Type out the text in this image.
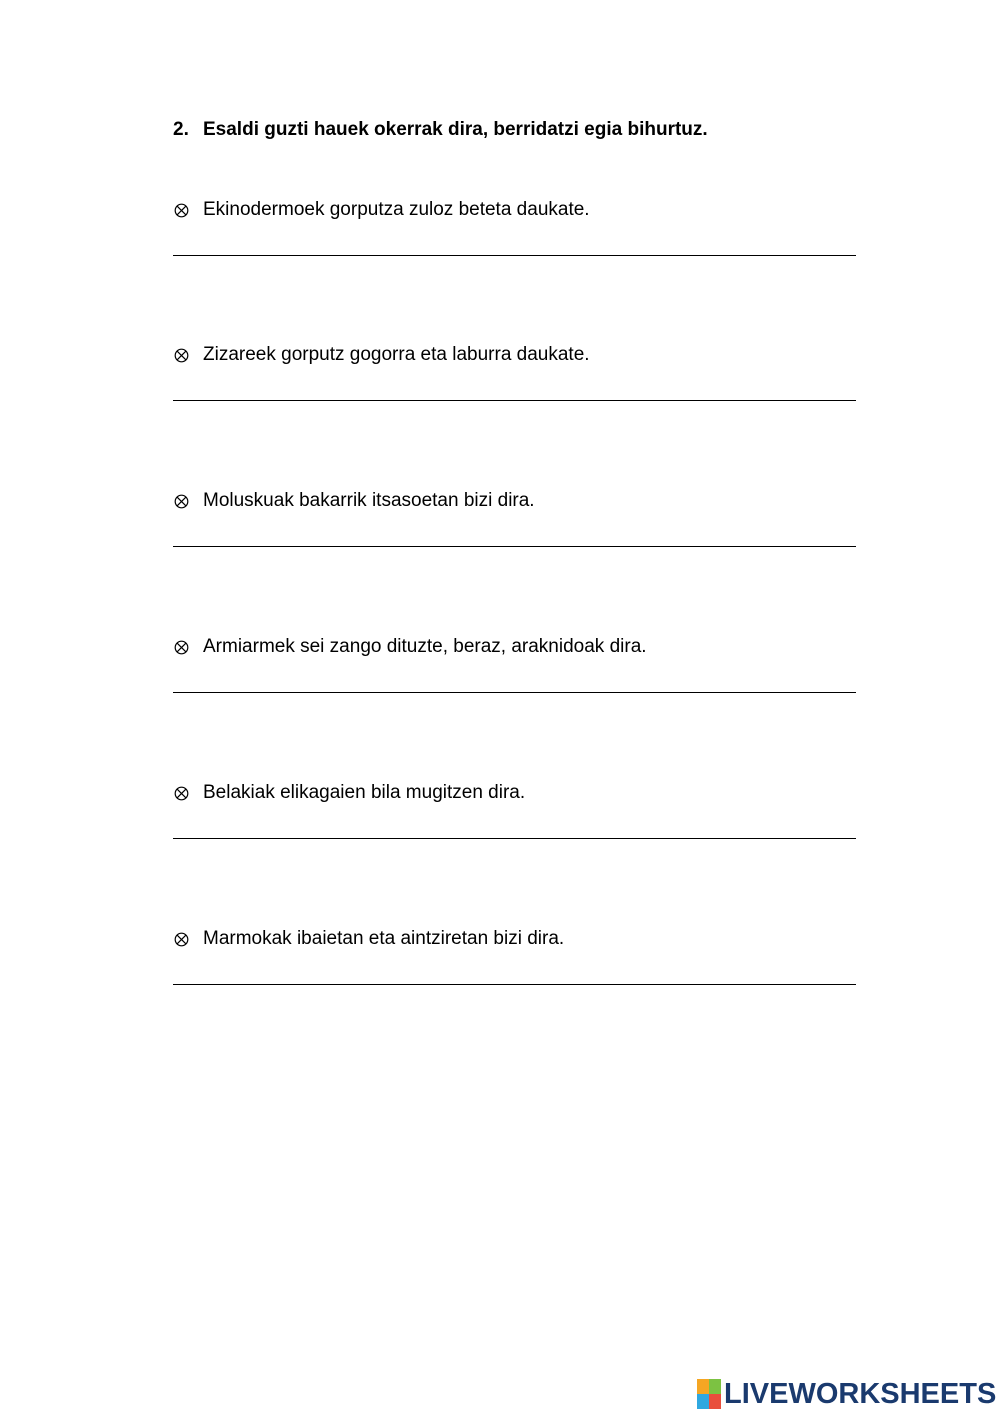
2. Esaldi guzti hauek okerrak dira, berridatzi egia bihurtuz.
Ekinodermoek gorputza zuloz beteta daukate.
Zizareek gorputz gogorra eta laburra daukate.
Moluskuak bakarrik itsasoetan bizi dira.
Armiarmek sei zango dituzte, beraz, araknidoak dira.
Belakiak elikagaien bila mugitzen dira.
Marmokak ibaietan eta aintziretan bizi dira.
LIVEWORKSHEETS
